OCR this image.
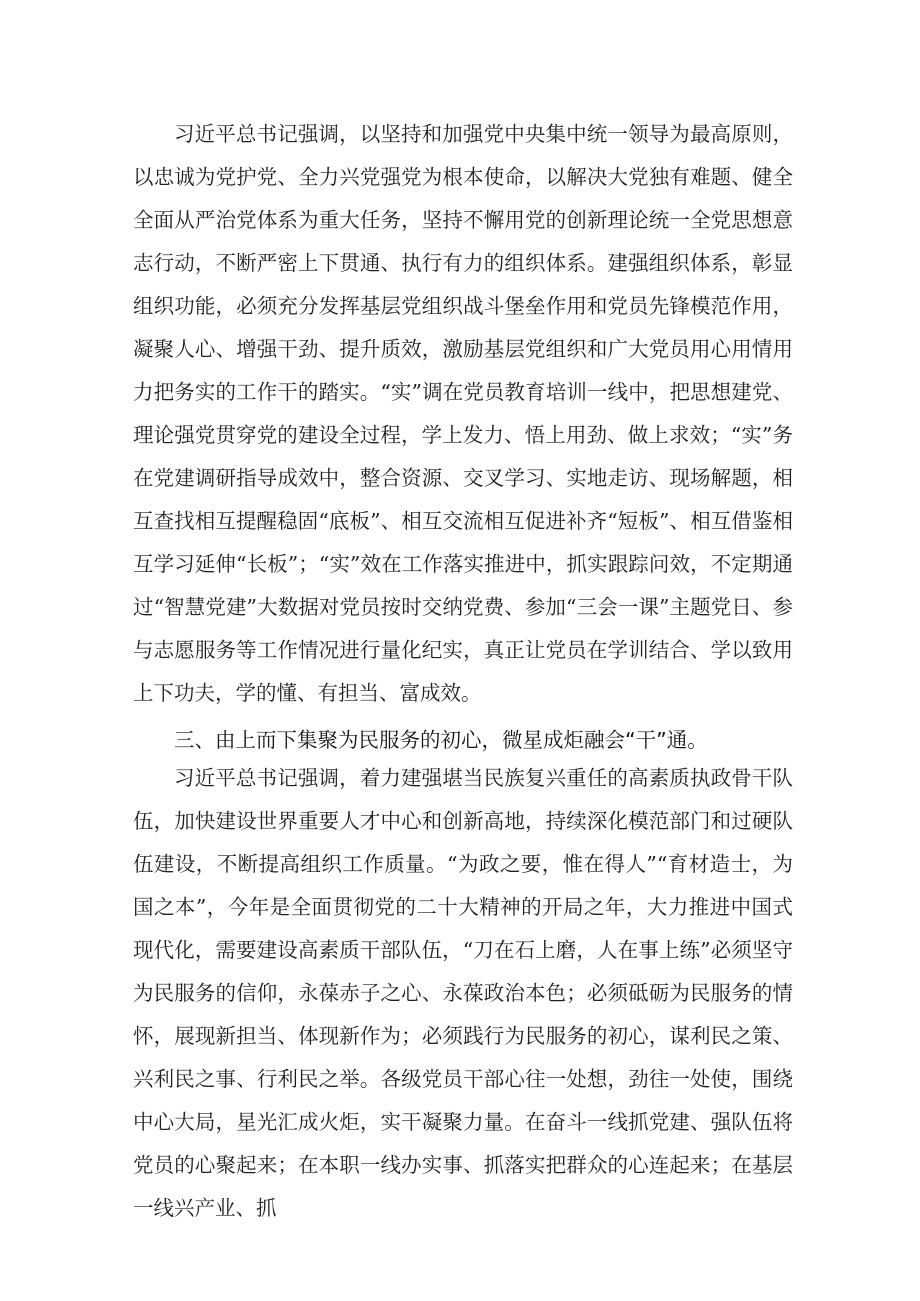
习近平总书记强调，以坚持和加强党中央集中统一领导为最高原则，以忠诚为党护党、全力兴党强党为根本使命，以解决大党独有难题、健全全面从严治党体系为重大任务，坚持不懈用党的创新理论统一全党思想意志行动，不断严密上下贯通、执行有力的组织体系。建强组织体系，彰显组织功能，必须充分发挥基层党组织战斗堡垒作用和党员先锋模范作用，凝聚人心、增强干劲、提升质效，激励基层党组织和广大党员用心用情用力把务实的工作干的踏实。“实”调在党员教育培训一线中，把思想建党、理论强党贯穿党的建设全过程，学上发力、悟上用劲、做上求效；“实”务在党建调研指导成效中，整合资源、交叉学习、实地走访、现场解题，相互查找相互提醒稳固“底板”、相互交流相互促进补齐“短板”、相互借鉴相互学习延伸“长板”；“实”效在工作落实推进中，抓实跟踪问效，不定期通过“智慧党建”大数据对党员按时交纳党费、参加“三会一课”主题党日、参与志愿服务等工作情况进行量化纪实，真正让党员在学训结合、学以致用上下功夫，学的懂、有担当、富成效。

三、由上而下集聚为民服务的初心，微星成炬融会“干”通。

习近平总书记强调，着力建强堪当民族复兴重任的高素质执政骨干队伍，加快建设世界重要人才中心和创新高地，持续深化模范部门和过硬队伍建设，不断提高组织工作质量。“为政之要，惟在得人”“育材造士，为国之本”，今年是全面贯彻党的二十大精神的开局之年，大力推进中国式现代化，需要建设高素质干部队伍，“刀在石上磨，人在事上练”必须坚守为民服务的信仰，永葆赤子之心、永葆政治本色；必须砥砺为民服务的情怀，展现新担当、体现新作为；必须践行为民服务的初心，谋利民之策、兴利民之事、行利民之举。各级党员干部心往一处想，劲往一处使，围绕中心大局，星光汇成火炬，实干凝聚力量。在奋斗一线抓党建、强队伍将党员的心聚起来；在本职一线办实事、抓落实把群众的心连起来；在基层一线兴产业、抓
